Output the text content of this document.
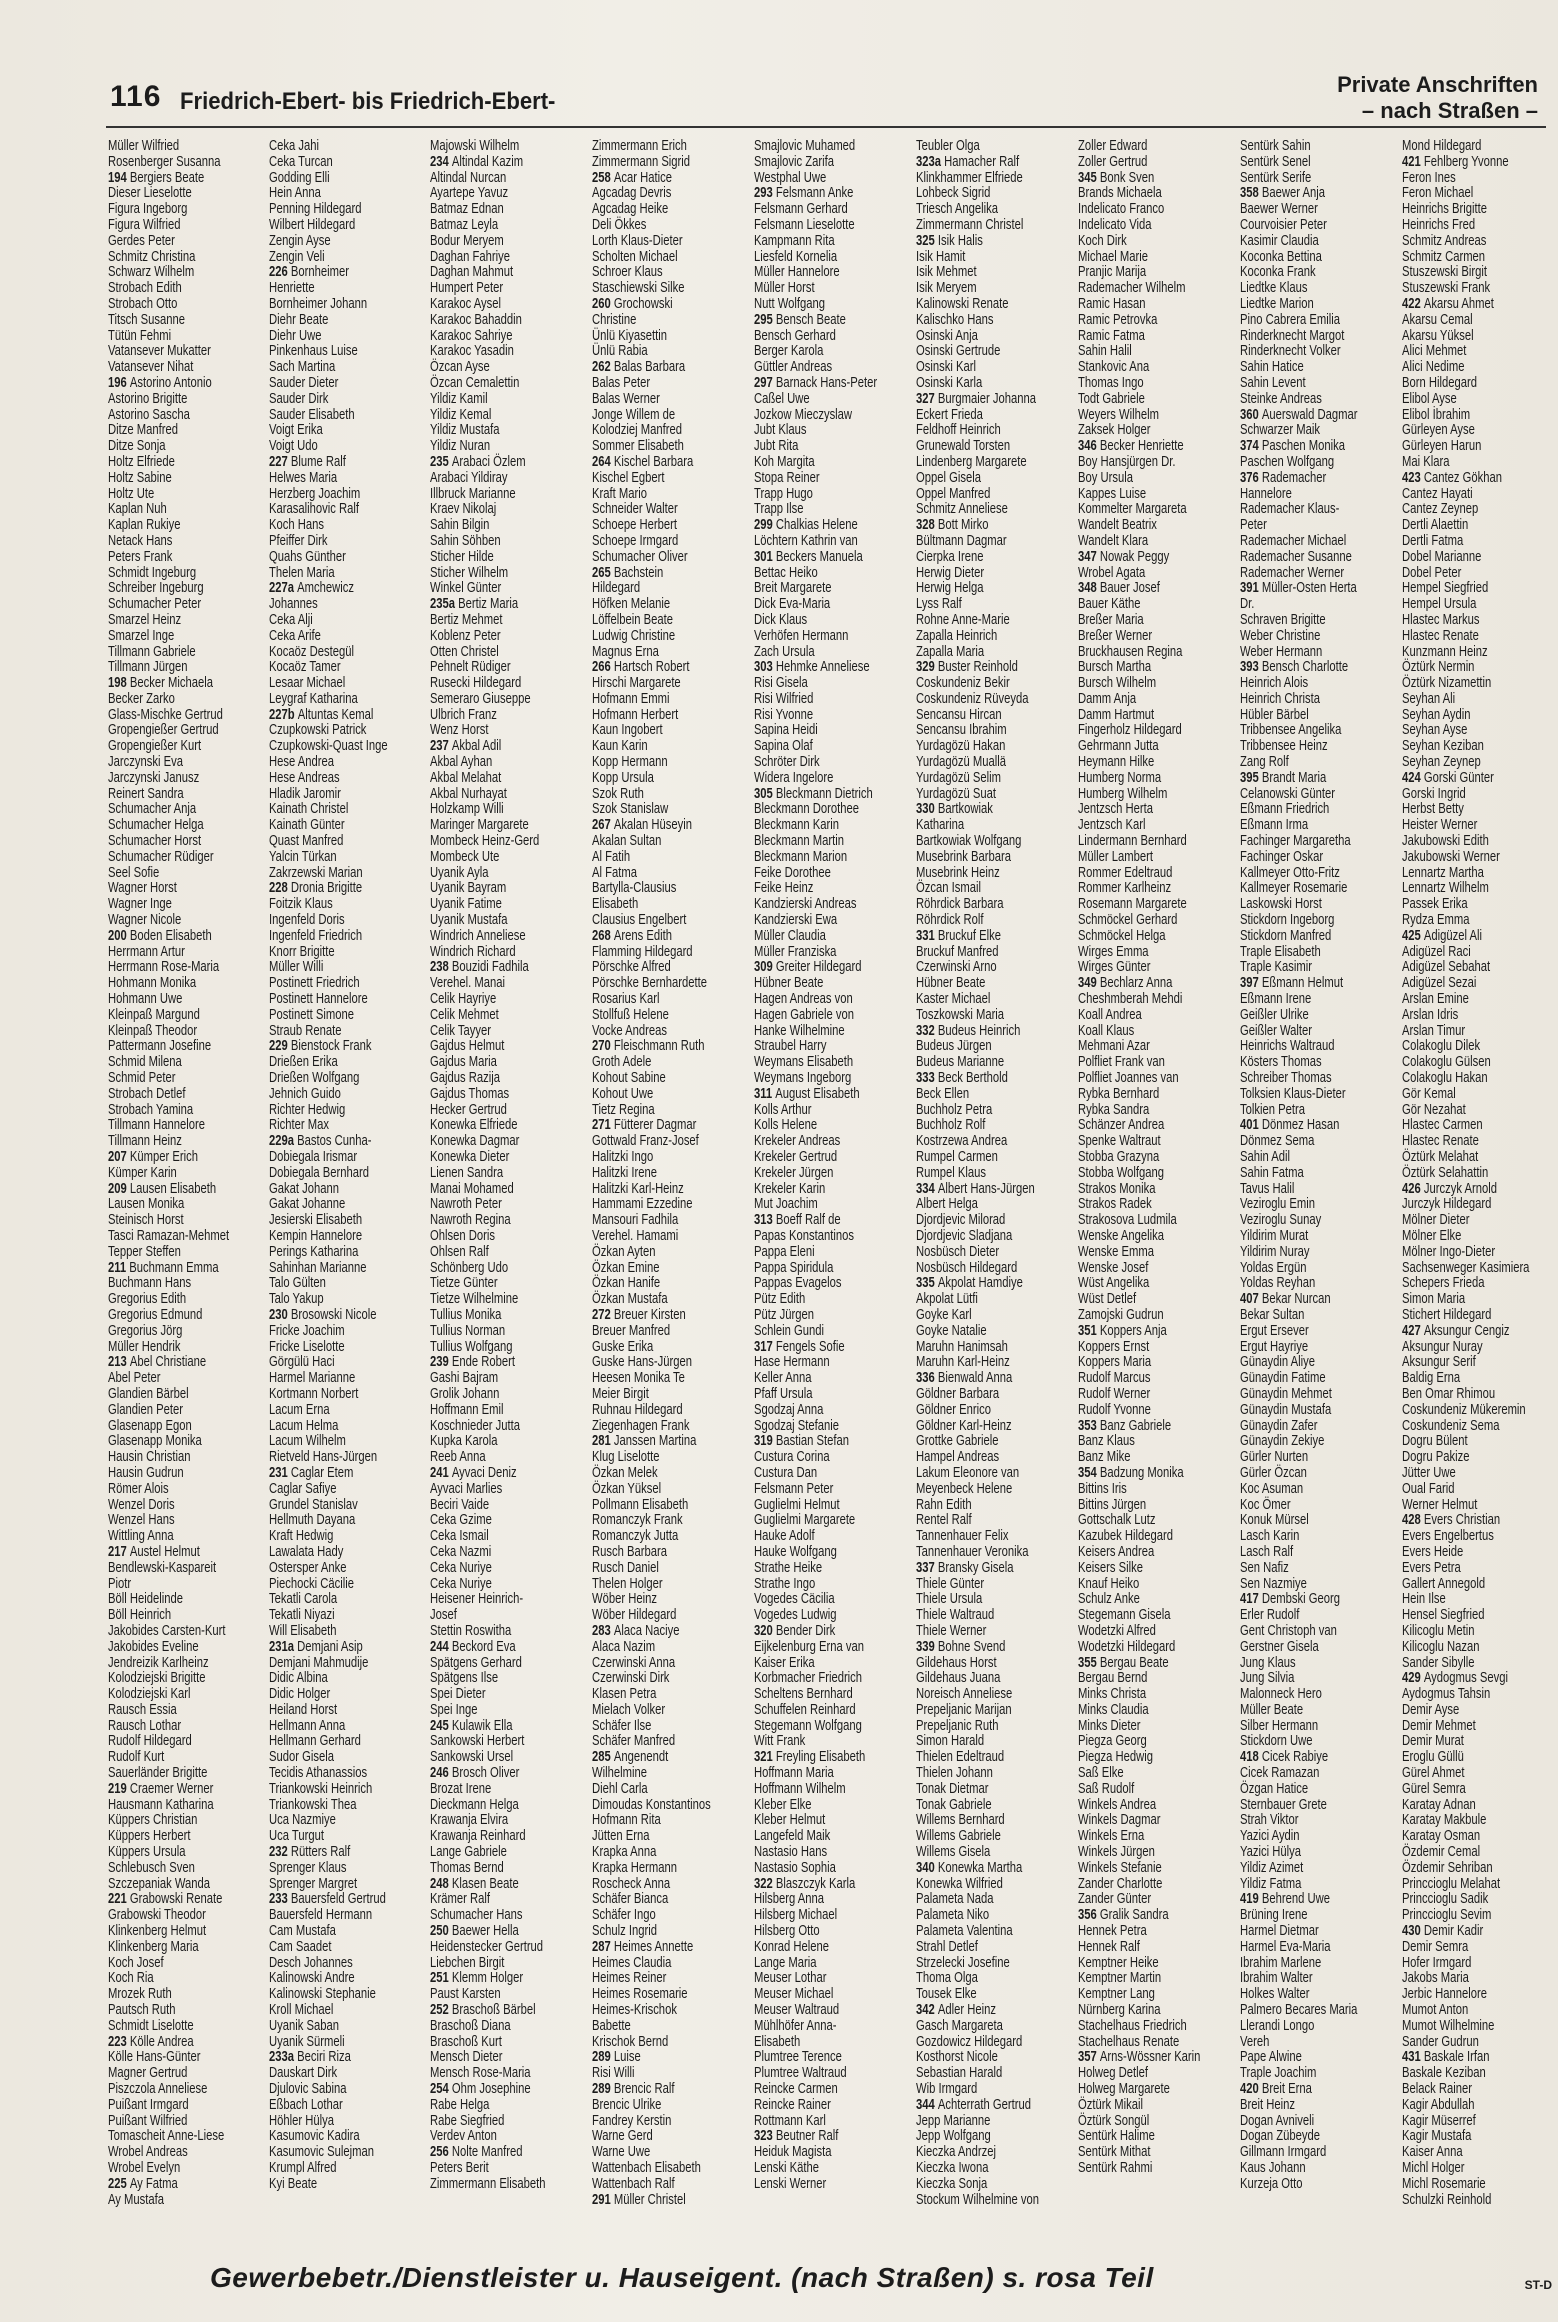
116 Friedrich-Ebert- bis Friedrich-Ebert-
Private Anschriften
– nach Straßen –
Müller Wilfried
Rosenberger Susanna
194 Bergiers Beate
Dieser Lieselotte
Figura Ingeborg
Figura Wilfried
Gerdes Peter
Schmitz Christina
Schwarz Wilhelm
Strobach Edith
Strobach Otto
Titsch Susanne
Tütün Fehmi
Vatansever Mukatter
Vatansever Nihat
196 Astorino Antonio
Astorino Brigitte
Astorino Sascha
Ditze Manfred
Ditze Sonja
Holtz Elfriede
Holtz Sabine
Holtz Ute
Kaplan Nuh
Kaplan Rukiye
Netack Hans
Peters Frank
Schmidt Ingeburg
Schreiber Ingeburg
Schumacher Peter
Smarzel Heinz
Smarzel Inge
Tillmann Gabriele
Tillmann Jürgen
198 Becker Michaela
Becker Zarko
Glass-Mischke Gertrud
Gropengießer Gertrud
Gropengießer Kurt
Jarczynski Eva
Jarczynski Janusz
Reinert Sandra
Schumacher Anja
Schumacher Helga
Schumacher Horst
Schumacher Rüdiger
Seel Sofie
Wagner Horst
Wagner Inge
Wagner Nicole
200 Boden Elisabeth
Herrmann Artur
Herrmann Rose-Maria
Hohmann Monika
Hohmann Uwe
Kleinpaß Margund
Kleinpaß Theodor
Pattermann Josefine
Schmid Milena
Schmid Peter
Strobach Detlef
Strobach Yamina
Tillmann Hannelore
Tillmann Heinz
207 Kümper Erich
Kümper Karin
209 Lausen Elisabeth
Lausen Monika
Steinisch Horst
Tasci Ramazan-Mehmet
Tepper Steffen
211 Buchmann Emma
Buchmann Hans
Gregorius Edith
Gregorius Edmund
Gregorius Jörg
Müller Hendrik
213 Abel Christiane
Abel Peter
Glandien Bärbel
Glandien Peter
Glasenapp Egon
Glasenapp Monika
Hausin Christian
Hausin Gudrun
Römer Alois
Wenzel Doris
Wenzel Hans
Wittling Anna
217 Austel Helmut
Bendlewski-Kaspareit
Piotr
Böll Heidelinde
Böll Heinrich
Jakobides Carsten-Kurt
Jakobides Eveline
Jendreizik Karlheinz
Kolodziejski Brigitte
Kolodziejski Karl
Rausch Essia
Rausch Lothar
Rudolf Hildegard
Rudolf Kurt
Sauerländer Brigitte
219 Craemer Werner
Hausmann Katharina
Küppers Christian
Küppers Herbert
Küppers Ursula
Schlebusch Sven
Szczepaniak Wanda
221 Grabowski Renate
Grabowski Theodor
Klinkenberg Helmut
Klinkenberg Maria
Koch Josef
Koch Ria
Mrozek Ruth
Pautsch Ruth
Schmidt Liselotte
223 Kölle Andrea
Kölle Hans-Günter
Magner Gertrud
Piszczola Anneliese
Puißant Irmgard
Puißant Wilfried
Tomascheit Anne-Liese
Wrobel Andreas
Wrobel Evelyn
225 Ay Fatma
Ay Mustafa
Ceka Jahi
Ceka Turcan
Godding Elli
Hein Anna
Penning Hildegard
Wilbert Hildegard
Zengin Ayse
Zengin Veli
226 Bornheimer
Henriette
Bornheimer Johann
Diehr Beate
Diehr Uwe
Pinkenhaus Luise
Sach Martina
Sauder Dieter
Sauder Dirk
Sauder Elisabeth
Voigt Erika
Voigt Udo
227 Blume Ralf
Helwes Maria
Herzberg Joachim
Karasalihovic Ralf
Koch Hans
Pfeiffer Dirk
Quahs Günther
Thelen Maria
227a Amchewicz
Johannes
Ceka Alji
Ceka Arife
Kocaöz Destegül
Kocaöz Tamer
Lesaar Michael
Leygraf Katharina
227b Altuntas Kemal
Czupkowski Patrick
Czupkowski-Quast Inge
Hese Andrea
Hese Andreas
Hladik Jaromir
Kainath Christel
Kainath Günter
Quast Manfred
Yalcin Türkan
Zakrzewski Marian
228 Dronia Brigitte
Foitzik Klaus
Ingenfeld Doris
Ingenfeld Friedrich
Knorr Brigitte
Müller Willi
Postinett Friedrich
Postinett Hannelore
Postinett Simone
Straub Renate
229 Bienstock Frank
Drießen Erika
Drießen Wolfgang
Jehnich Guido
Richter Hedwig
Richter Max
229a Bastos Cunha-
Dobiegala Irismar
Dobiegala Bernhard
Gakat Johann
Gakat Johanne
Jesierski Elisabeth
Kempin Hannelore
Perings Katharina
Sahinhan Marianne
Talo Gülten
Talo Yakup
230 Brosowski Nicole
Fricke Joachim
Fricke Liselotte
Görgülü Haci
Harmel Marianne
Kortmann Norbert
Lacum Erna
Lacum Helma
Lacum Wilhelm
Rietveld Hans-Jürgen
231 Caglar Etem
Caglar Safiye
Grundel Stanislav
Hellmuth Dayana
Kraft Hedwig
Lawalata Hady
Ostersper Anke
Piechocki Cäcilie
Tekatli Carola
Tekatli Niyazi
Will Elisabeth
231a Demjani Asip
Demjani Mahmudije
Didic Albina
Didic Holger
Heiland Horst
Hellmann Anna
Hellmann Gerhard
Sudor Gisela
Tecidis Athanassios
Triankowski Heinrich
Triankowski Thea
Uca Nazmiye
Uca Turgut
232 Rütters Ralf
Sprenger Klaus
Sprenger Margret
233 Bauersfeld Gertrud
Bauersfeld Hermann
Cam Mustafa
Cam Saadet
Desch Johannes
Kalinowski Andre
Kalinowski Stephanie
Kroll Michael
Uyanik Saban
Uyanik Sürmeli
233a Beciri Riza
Dauskart Dirk
Djulovic Sabina
Eßbach Lothar
Höhler Hülya
Kasumovic Kadira
Kasumovic Sulejman
Krumpl Alfred
Kyi Beate
Majowski Wilhelm
234 Altindal Kazim
Altindal Nurcan
Ayartepe Yavuz
Batmaz Ednan
Batmaz Leyla
Bodur Meryem
Daghan Fahriye
Daghan Mahmut
Humpert Peter
Karakoc Aysel
Karakoc Bahaddin
Karakoc Sahriye
Karakoc Yasadin
Özcan Ayse
Özcan Cemalettin
Yildiz Kamil
Yildiz Kemal
Yildiz Mustafa
Yildiz Nuran
235 Arabaci Özlem
Arabaci Yildiray
Illbruck Marianne
Kraev Nikolaj
Sahin Bilgin
Sahin Söhben
Sticher Hilde
Sticher Wilhelm
Winkel Günter
235a Bertiz Maria
Bertiz Mehmet
Koblenz Peter
Otten Christel
Pehnelt Rüdiger
Rusecki Hildegard
Semeraro Giuseppe
Ulbrich Franz
Wenz Horst
237 Akbal Adil
Akbal Ayhan
Akbal Melahat
Akbal Nurhayat
Holzkamp Willi
Maringer Margarete
Mombeck Heinz-Gerd
Mombeck Ute
Uyanik Ayla
Uyanik Bayram
Uyanik Fatime
Uyanik Mustafa
Windrich Anneliese
Windrich Richard
238 Bouzidi Fadhila
Verehel. Manai
Celik Hayriye
Celik Mehmet
Celik Tayyer
Gajdus Helmut
Gajdus Maria
Gajdus Razija
Gajdus Thomas
Hecker Gertrud
Konewka Elfriede
Konewka Dagmar
Konewka Dieter
Lienen Sandra
Manai Mohamed
Nawroth Peter
Nawroth Regina
Ohlsen Doris
Ohlsen Ralf
Schönberg Udo
Tietze Günter
Tietze Wilhelmine
Tullius Monika
Tullius Norman
Tullius Wolfgang
239 Ende Robert
Gashi Bajram
Grolik Johann
Hoffmann Emil
Koschnieder Jutta
Kupka Karola
Reeb Anna
241 Ayvaci Deniz
Ayvaci Marlies
Beciri Vaide
Ceka Gzime
Ceka Ismail
Ceka Nazmi
Ceka Nuriye
Ceka Nuriye
Heisener Heinrich-
Josef
Stettin Roswitha
244 Beckord Eva
Spätgens Gerhard
Spätgens Ilse
Spei Dieter
Spei Inge
245 Kulawik Ella
Sankowski Herbert
Sankowski Ursel
246 Brosch Oliver
Brozat Irene
Dieckmann Helga
Krawanja Elvira
Krawanja Reinhard
Lange Gabriele
Thomas Bernd
248 Klasen Beate
Krämer Ralf
Schumacher Hans
250 Baewer Hella
Heidenstecker Gertrud
Liebchen Birgit
251 Klemm Holger
Paust Karsten
252 Braschoß Bärbel
Braschoß Diana
Braschoß Kurt
Mensch Dieter
Mensch Rose-Maria
254 Ohm Josephine
Rabe Helga
Rabe Siegfried
Verdev Anton
256 Nolte Manfred
Peters Berit
Zimmermann Elisabeth
Zimmermann Erich
Zimmermann Sigrid
258 Acar Hatice
Agcadag Devris
Agcadag Heike
Deli Ökkes
Lorth Klaus-Dieter
Scholten Michael
Schroer Klaus
Staschiewski Silke
260 Grochowski
Christine
Ünlü Kiyasettin
Ünlü Rabia
262 Balas Barbara
Balas Peter
Balas Werner
Jonge Willem de
Kolodziej Manfred
Sommer Elisabeth
264 Kischel Barbara
Kischel Egbert
Kraft Mario
Schneider Walter
Schoepe Herbert
Schoepe Irmgard
Schumacher Oliver
265 Bachstein
Hildegard
Höfken Melanie
Löffelbein Beate
Ludwig Christine
Magnus Erna
266 Hartsch Robert
Hirschi Margarete
Hofmann Emmi
Hofmann Herbert
Kaun Ingobert
Kaun Karin
Kopp Hermann
Kopp Ursula
Szok Ruth
Szok Stanislaw
267 Akalan Hüseyin
Akalan Sultan
Al Fatih
Al Fatma
Bartylla-Clausius
Elisabeth
Clausius Engelbert
268 Arens Edith
Flamming Hildegard
Pörschke Alfred
Pörschke Bernhardette
Rosarius Karl
Stollfuß Helene
Vocke Andreas
270 Fleischmann Ruth
Groth Adele
Kohout Sabine
Kohout Uwe
Tietz Regina
271 Fütterer Dagmar
Gottwald Franz-Josef
Halitzki Ingo
Halitzki Irene
Halitzki Karl-Heinz
Hammami Ezzedine
Mansouri Fadhila
Verehel. Hamami
Özkan Ayten
Özkan Emine
Özkan Hanife
Özkan Mustafa
272 Breuer Kirsten
Breuer Manfred
Guske Erika
Guske Hans-Jürgen
Heesen Monika Te
Meier Birgit
Ruhnau Hildegard
Ziegenhagen Frank
281 Janssen Martina
Klug Liselotte
Özkan Melek
Özkan Yüksel
Pollmann Elisabeth
Romanczyk Frank
Romanczyk Jutta
Rusch Barbara
Rusch Daniel
Thelen Holger
Wöber Heinz
Wöber Hildegard
283 Alaca Naciye
Alaca Nazim
Czerwinski Anna
Czerwinski Dirk
Klasen Petra
Mielach Volker
Schäfer Ilse
Schäfer Manfred
285 Angenendt
Wilhelmine
Diehl Carla
Dimoudas Konstantinos
Hofmann Rita
Jütten Erna
Krapka Anna
Krapka Hermann
Roscheck Anna
Schäfer Bianca
Schäfer Ingo
Schulz Ingrid
287 Heimes Annette
Heimes Claudia
Heimes Reiner
Heimes Rosemarie
Heimes-Krischok
Babette
Krischok Bernd
289 Luise
Risi Willi
289 Brencic Ralf
Brencic Ulrike
Fandrey Kerstin
Warne Gerd
Warne Uwe
Wattenbach Elisabeth
Wattenbach Ralf
291 Müller Christel
Smajlovic Muhamed
Smajlovic Zarifa
Westphal Uwe
293 Felsmann Anke
Felsmann Gerhard
Felsmann Lieselotte
Kampmann Rita
Liesfeld Kornelia
Müller Hannelore
Müller Horst
Nutt Wolfgang
295 Bensch Beate
Bensch Gerhard
Berger Karola
Güttler Andreas
297 Barnack Hans-Peter
Caßel Uwe
Jozkow Mieczyslaw
Jubt Klaus
Jubt Rita
Koh Margita
Stopa Reiner
Trapp Hugo
Trapp Ilse
299 Chalkias Helene
Löchtern Kathrin van
301 Beckers Manuela
Bettac Heiko
Breit Margarete
Dick Eva-Maria
Dick Klaus
Verhöfen Hermann
Zach Ursula
303 Hehmke Anneliese
Risi Gisela
Risi Wilfried
Risi Yvonne
Sapina Heidi
Sapina Olaf
Schröter Dirk
Widera Ingelore
305 Bleckmann Dietrich
Bleckmann Dorothee
Bleckmann Karin
Bleckmann Martin
Bleckmann Marion
Feike Dorothee
Feike Heinz
Kandzierski Andreas
Kandzierski Ewa
Müller Claudia
Müller Franziska
309 Greiter Hildegard
Hübner Beate
Hagen Andreas von
Hagen Gabriele von
Hanke Wilhelmine
Straubel Harry
Weymans Elisabeth
Weymans Ingeborg
311 August Elisabeth
Kolls Arthur
Kolls Helene
Krekeler Andreas
Krekeler Gertrud
Krekeler Jürgen
Krekeler Karin
Mut Joachim
313 Boeff Ralf de
Papas Konstantinos
Pappa Eleni
Pappa Spiridula
Pappas Evagelos
Pütz Edith
Pütz Jürgen
Schlein Gundi
317 Fengels Sofie
Hase Hermann
Keller Anna
Pfaff Ursula
Sgodzaj Anna
Sgodzaj Stefanie
319 Bastian Stefan
Custura Corina
Custura Dan
Felsmann Peter
Guglielmi Helmut
Guglielmi Margarete
Hauke Adolf
Hauke Wolfgang
Strathe Heike
Strathe Ingo
Vogedes Cäcilia
Vogedes Ludwig
320 Bender Dirk
Eijkelenburg Erna van
Kaiser Erika
Korbmacher Friedrich
Scheltens Bernhard
Schuffelen Reinhard
Stegemann Wolfgang
Witt Frank
321 Freyling Elisabeth
Hoffmann Maria
Hoffmann Wilhelm
Kleber Elke
Kleber Helmut
Langefeld Maik
Nastasio Hans
Nastasio Sophia
322 Blaszczyk Karla
Hilsberg Anna
Hilsberg Michael
Hilsberg Otto
Konrad Helene
Lange Maria
Meuser Lothar
Meuser Michael
Meuser Waltraud
Mühlhöfer Anna-
Elisabeth
Plumtree Terence
Plumtree Waltraud
Reincke Carmen
Reincke Rainer
Rottmann Karl
323 Beutner Ralf
Heiduk Magista
Lenski Käthe
Lenski Werner
Teubler Olga
323a Hamacher Ralf
Klinkhammer Elfriede
Lohbeck Sigrid
Triesch Angelika
Zimmermann Christel
325 Isik Halis
Isik Hamit
Isik Mehmet
Isik Meryem
Kalinowski Renate
Kalischko Hans
Osinski Anja
Osinski Gertrude
Osinski Karl
Osinski Karla
327 Burgmaier Johanna
Eckert Frieda
Feldhoff Heinrich
Grunewald Torsten
Lindenberg Margarete
Oppel Gisela
Oppel Manfred
Schmitz Anneliese
328 Bott Mirko
Bültmann Dagmar
Cierpka Irene
Herwig Dieter
Herwig Helga
Lyss Ralf
Rohne Anne-Marie
Zapalla Heinrich
Zapalla Maria
329 Buster Reinhold
Coskundeniz Bekir
Coskundeniz Rüveyda
Sencansu Hircan
Sencansu Ibrahim
Yurdagözü Hakan
Yurdagözü Muallä
Yurdagözü Selim
Yurdagözü Suat
330 Bartkowiak
Katharina
Bartkowiak Wolfgang
Musebrink Barbara
Musebrink Heinz
Özcan Ismail
Röhrdick Barbara
Röhrdick Rolf
331 Bruckuf Elke
Bruckuf Manfred
Czerwinski Arno
Hübner Beate
Kaster Michael
Toszkowski Maria
332 Budeus Heinrich
Budeus Jürgen
Budeus Marianne
333 Beck Berthold
Beck Ellen
Buchholz Petra
Buchholz Rolf
Kostrzewa Andrea
Rumpel Carmen
Rumpel Klaus
334 Albert Hans-Jürgen
Albert Helga
Djordjevic Milorad
Djordjevic Sladjana
Nosbüsch Dieter
Nosbüsch Hildegard
335 Akpolat Hamdiye
Akpolat Lütfi
Goyke Karl
Goyke Natalie
Maruhn Hanimsah
Maruhn Karl-Heinz
336 Bienwald Anna
Göldner Barbara
Göldner Enrico
Göldner Karl-Heinz
Grottke Gabriele
Hampel Andreas
Lakum Eleonore van
Meyenbeck Helene
Rahn Edith
Rentel Ralf
Tannenhauer Felix
Tannenhauer Veronika
337 Bransky Gisela
Thiele Günter
Thiele Ursula
Thiele Waltraud
Thiele Werner
339 Bohne Svend
Gildehaus Horst
Gildehaus Juana
Noreisch Anneliese
Prepeljanic Marijan
Prepeljanic Ruth
Simon Harald
Thielen Edeltraud
Thielen Johann
Tonak Dietmar
Tonak Gabriele
Willems Bernhard
Willems Gabriele
Willems Gisela
340 Konewka Martha
Konewka Wilfried
Palameta Nada
Palameta Niko
Palameta Valentina
Strahl Detlef
Strzelecki Josefine
Thoma Olga
Tousek Elke
342 Adler Heinz
Gasch Margareta
Gozdowicz Hildegard
Kosthorst Nicole
Sebastian Harald
Wib Irmgard
344 Achterrath Gertrud
Jepp Marianne
Jepp Wolfgang
Kieczka Andrzej
Kieczka Iwona
Kieczka Sonja
Stockum Wilhelmine von
Zoller Edward
Zoller Gertrud
345 Bonk Sven
Brands Michaela
Indelicato Franco
Indelicato Vida
Koch Dirk
Michael Marie
Pranjic Marija
Rademacher Wilhelm
Ramic Hasan
Ramic Petrovka
Ramic Fatma
Sahin Halil
Stankovic Ana
Thomas Ingo
Todt Gabriele
Weyers Wilhelm
Zaksek Holger
346 Becker Henriette
Boy Hansjürgen Dr.
Boy Ursula
Kappes Luise
Kommelter Margareta
Wandelt Beatrix
Wandelt Klara
347 Nowak Peggy
Wrobel Agata
348 Bauer Josef
Bauer Käthe
Breßer Maria
Breßer Werner
Bruckhausen Regina
Bursch Martha
Bursch Wilhelm
Damm Anja
Damm Hartmut
Fingerholz Hildegard
Gehrmann Jutta
Heymann Hilke
Humberg Norma
Humberg Wilhelm
Jentzsch Herta
Jentzsch Karl
Lindermann Bernhard
Müller Lambert
Rommer Edeltraud
Rommer Karlheinz
Rosemann Margarete
Schmöckel Gerhard
Schmöckel Helga
Wirges Emma
Wirges Günter
349 Bechlarz Anna
Cheshmberah Mehdi
Koall Andrea
Koall Klaus
Mehmani Azar
Polfliet Frank van
Polfliet Joannes van
Rybka Bernhard
Rybka Sandra
Schänzer Andrea
Spenke Waltraut
Stobba Grazyna
Stobba Wolfgang
Strakos Monika
Strakos Radek
Strakosova Ludmila
Wenske Angelika
Wenske Emma
Wenske Josef
Wüst Angelika
Wüst Detlef
Zamojski Gudrun
351 Koppers Anja
Koppers Ernst
Koppers Maria
Rudolf Marcus
Rudolf Werner
Rudolf Yvonne
353 Banz Gabriele
Banz Klaus
Banz Mike
354 Badzung Monika
Bittins Iris
Bittins Jürgen
Gottschalk Lutz
Kazubek Hildegard
Keisers Andrea
Keisers Silke
Knauf Heiko
Schulz Anke
Stegemann Gisela
Wodetzki Alfred
Wodetzki Hildegard
355 Bergau Beate
Bergau Bernd
Minks Christa
Minks Claudia
Minks Dieter
Piegza Georg
Piegza Hedwig
Saß Elke
Saß Rudolf
Winkels Andrea
Winkels Dagmar
Winkels Erna
Winkels Jürgen
Winkels Stefanie
Zander Charlotte
Zander Günter
356 Gralik Sandra
Hennek Petra
Hennek Ralf
Kemptner Heike
Kemptner Martin
Kemptner Lang
Nürnberg Karina
Stachelhaus Friedrich
Stachelhaus Renate
357 Arns-Wössner Karin
Holweg Detlef
Holweg Margarete
Öztürk Mikail
Öztürk Songül
Sentürk Halime
Sentürk Mithat
Sentürk Rahmi
Sentürk Sahin
Sentürk Senel
Sentürk Serife
358 Baewer Anja
Baewer Werner
Courvoisier Peter
Kasimir Claudia
Koconka Bettina
Koconka Frank
Liedtke Klaus
Liedtke Marion
Pino Cabrera Emilia
Rinderknecht Margot
Rinderknecht Volker
Sahin Hatice
Sahin Levent
Steinke Andreas
360 Auerswald Dagmar
Schwarzer Maik
374 Paschen Monika
Paschen Wolfgang
376 Rademacher
Hannelore
Rademacher Klaus-
Peter
Rademacher Michael
Rademacher Susanne
Rademacher Werner
391 Müller-Osten Herta
Dr.
Schraven Brigitte
Weber Christine
Weber Hermann
393 Bensch Charlotte
Heinrich Alois
Heinrich Christa
Hübler Bärbel
Tribbensee Angelika
Tribbensee Heinz
Zang Rolf
395 Brandt Maria
Celanowski Günter
Eßmann Friedrich
Eßmann Irma
Fachinger Margaretha
Fachinger Oskar
Kallmeyer Otto-Fritz
Kallmeyer Rosemarie
Laskowski Horst
Stickdorn Ingeborg
Stickdorn Manfred
Traple Elisabeth
Traple Kasimir
397 Eßmann Helmut
Eßmann Irene
Geißler Ulrike
Geißler Walter
Heinrichs Waltraud
Kösters Thomas
Schreiber Thomas
Tolksien Klaus-Dieter
Tolkien Petra
401 Dönmez Hasan
Dönmez Sema
Sahin Adil
Sahin Fatma
Tavus Halil
Veziroglu Emin
Veziroglu Sunay
Yildirim Murat
Yildirim Nuray
Yoldas Ergün
Yoldas Reyhan
407 Bekar Nurcan
Bekar Sultan
Ergut Ersever
Ergut Hayriye
Günaydin Aliye
Günaydin Fatime
Günaydin Mehmet
Günaydin Mustafa
Günaydin Zafer
Günaydin Zekiye
Gürler Nurten
Gürler Özcan
Koc Asuman
Koc Ömer
Konuk Mürsel
Lasch Karin
Lasch Ralf
Sen Nafiz
Sen Nazmiye
417 Dembski Georg
Erler Rudolf
Gent Christoph van
Gerstner Gisela
Jung Klaus
Jung Silvia
Malonneck Hero
Müller Beate
Silber Hermann
Stickdorn Uwe
418 Cicek Rabiye
Cicek Ramazan
Özgan Hatice
Sternbauer Grete
Strah Viktor
Yazici Aydin
Yazici Hülya
Yildiz Azimet
Yildiz Fatma
419 Behrend Uwe
Brüning Irene
Harmel Dietmar
Harmel Eva-Maria
Ibrahim Marlene
Ibrahim Walter
Holkes Walter
Palmero Becares Maria
Llerandi Longo
Vereh
Pape Alwine
Traple Joachim
420 Breit Erna
Breit Heinz
Dogan Avniveli
Dogan Zübeyde
Gillmann Irmgard
Kaus Johann
Kurzeja Otto
Mond Hildegard
421 Fehlberg Yvonne
Feron Ines
Feron Michael
Heinrichs Brigitte
Heinrichs Fred
Schmitz Andreas
Schmitz Carmen
Stuszewski Birgit
Stuszewski Frank
422 Akarsu Ahmet
Akarsu Cemal
Akarsu Yüksel
Alici Mehmet
Alici Nedime
Born Hildegard
Elibol Ayse
Elibol İbrahim
Gürleyen Ayse
Gürleyen Harun
Mai Klara
423 Cantez Gökhan
Cantez Hayati
Cantez Zeynep
Dertli Alaettin
Dertli Fatma
Dobel Marianne
Dobel Peter
Hempel Siegfried
Hempel Ursula
Hlastec Markus
Hlastec Renate
Kunzmann Heinz
Öztürk Nermin
Öztürk Nizamettin
Seyhan Ali
Seyhan Aydin
Seyhan Ayse
Seyhan Keziban
Seyhan Zeynep
424 Gorski Günter
Gorski Ingrid
Herbst Betty
Heister Werner
Jakubowski Edith
Jakubowski Werner
Lennartz Martha
Lennartz Wilhelm
Passek Erika
Rydza Emma
425 Adigüzel Ali
Adigüzel Raci
Adigüzel Sebahat
Adigüzel Sezai
Arslan Emine
Arslan Idris
Arslan Timur
Colakoglu Dilek
Colakoglu Gülsen
Colakoglu Hakan
Gör Kemal
Gör Nezahat
Hlastec Carmen
Hlastec Renate
Öztürk Melahat
Öztürk Selahattin
426 Jurczyk Arnold
Jurczyk Hildegard
Mölner Dieter
Mölner Elke
Mölner Ingo-Dieter
Sachsenweger Kasimiera
Schepers Frieda
Simon Maria
Stichert Hildegard
427 Aksungur Cengiz
Aksungur Nuray
Aksungur Serif
Baldig Erna
Ben Omar Rhimou
Coskundeniz Mükeremin
Coskundeniz Sema
Dogru Bülent
Dogru Pakize
Jütter Uwe
Oual Farid
Werner Helmut
428 Evers Christian
Evers Engelbertus
Evers Heide
Evers Petra
Gallert Annegold
Hein Ilse
Hensel Siegfried
Kilicoglu Metin
Kilicoglu Nazan
Sander Sibylle
429 Aydogmus Sevgi
Aydogmus Tahsin
Demir Ayse
Demir Mehmet
Demir Murat
Eroglu Güllü
Gürel Ahmet
Gürel Semra
Karatay Adnan
Karatay Makbule
Karatay Osman
Özdemir Cemal
Özdemir Sehriban
Princcioglu Melahat
Princcioglu Sadik
Princcioglu Sevim
430 Demir Kadir
Demir Semra
Hofer Irmgard
Jakobs Maria
Jerbic Hannelore
Mumot Anton
Mumot Wilhelmine
Sander Gudrun
431 Baskale Irfan
Baskale Keziban
Belack Rainer
Kagir Abdullah
Kagir Müserref
Kagir Mustafa
Kaiser Anna
Michl Holger
Michl Rosemarie
Schulzki Reinhold
Gewerbebetr./Dienstleister u. Hauseigent. (nach Straßen) s. rosa Teil	ST-D
